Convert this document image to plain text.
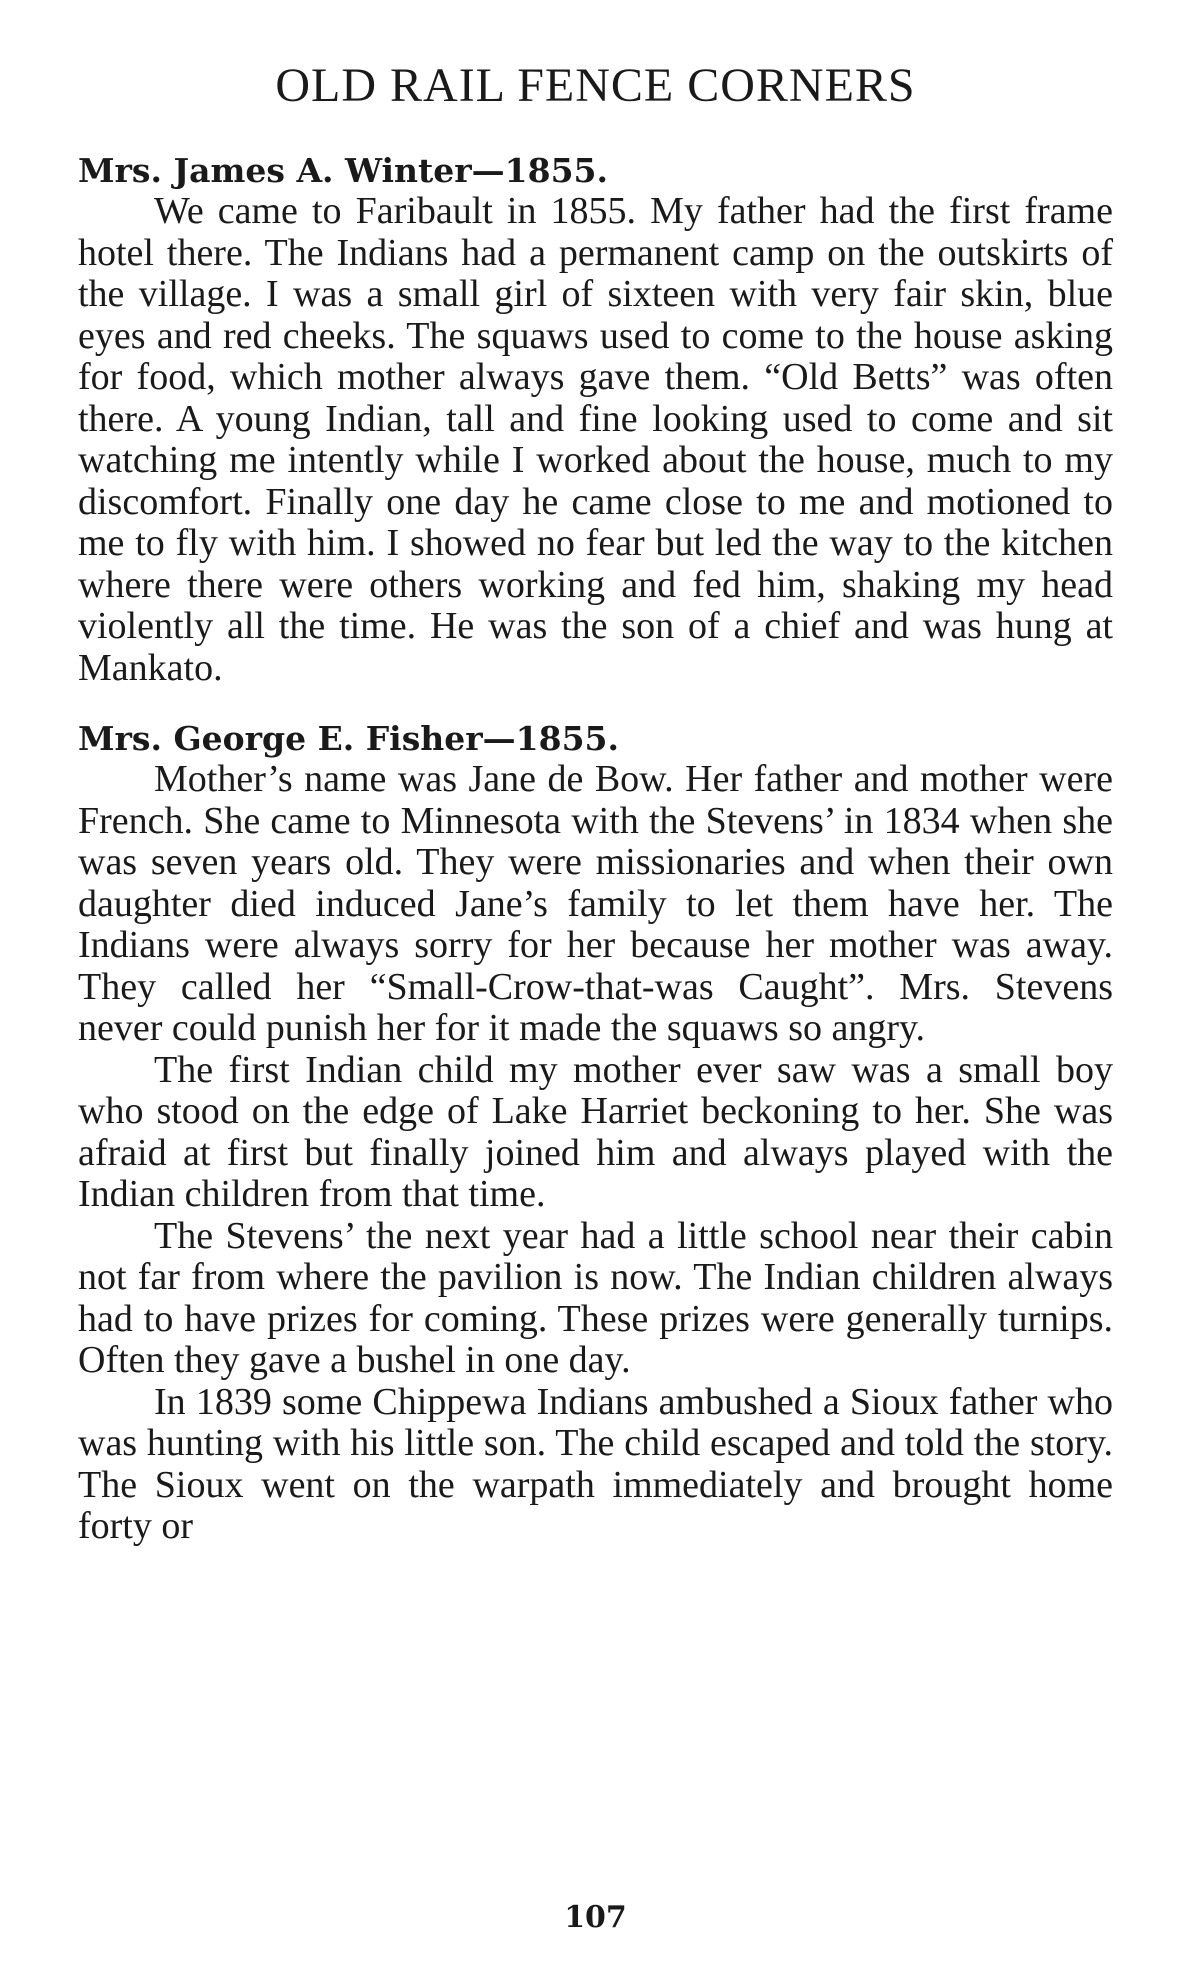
OLD RAIL FENCE CORNERS

Mrs. James A. Winter—1855.

We came to Faribault in 1855. My father had the first frame hotel there. The Indians had a permanent camp on the outskirts of the village. I was a small girl of sixteen with very fair skin, blue eyes and red cheeks. The squaws used to come to the house asking for food, which mother always gave them. “Old Betts” was often there. A young Indian, tall and fine looking used to come and sit watching me intently while I worked about the house, much to my discomfort. Finally one day he came close to me and motioned to me to fly with him. I showed no fear but led the way to the kitchen where there were others working and fed him, shaking my head violently all the time. He was the son of a chief and was hung at Mankato.

Mrs. George E. Fisher—1855.

Mother’s name was Jane de Bow. Her father and mother were French. She came to Minnesota with the Stevens’ in 1834 when she was seven years old. They were missionaries and when their own daughter died induced Jane’s family to let them have her. The Indians were always sorry for her because her mother was away. They called her “Small-Crow-that-was Caught”. Mrs. Stevens never could punish her for it made the squaws so angry.

The first Indian child my mother ever saw was a small boy who stood on the edge of Lake Harriet beckoning to her. She was afraid at first but finally joined him and always played with the Indian children from that time.

The Stevens’ the next year had a little school near their cabin not far from where the pavilion is now. The Indian children always had to have prizes for coming. These prizes were generally turnips. Often they gave a bushel in one day.

In 1839 some Chippewa Indians ambushed a Sioux father who was hunting with his little son. The child escaped and told the story. The Sioux went on the warpath immediately and brought home forty or

107
